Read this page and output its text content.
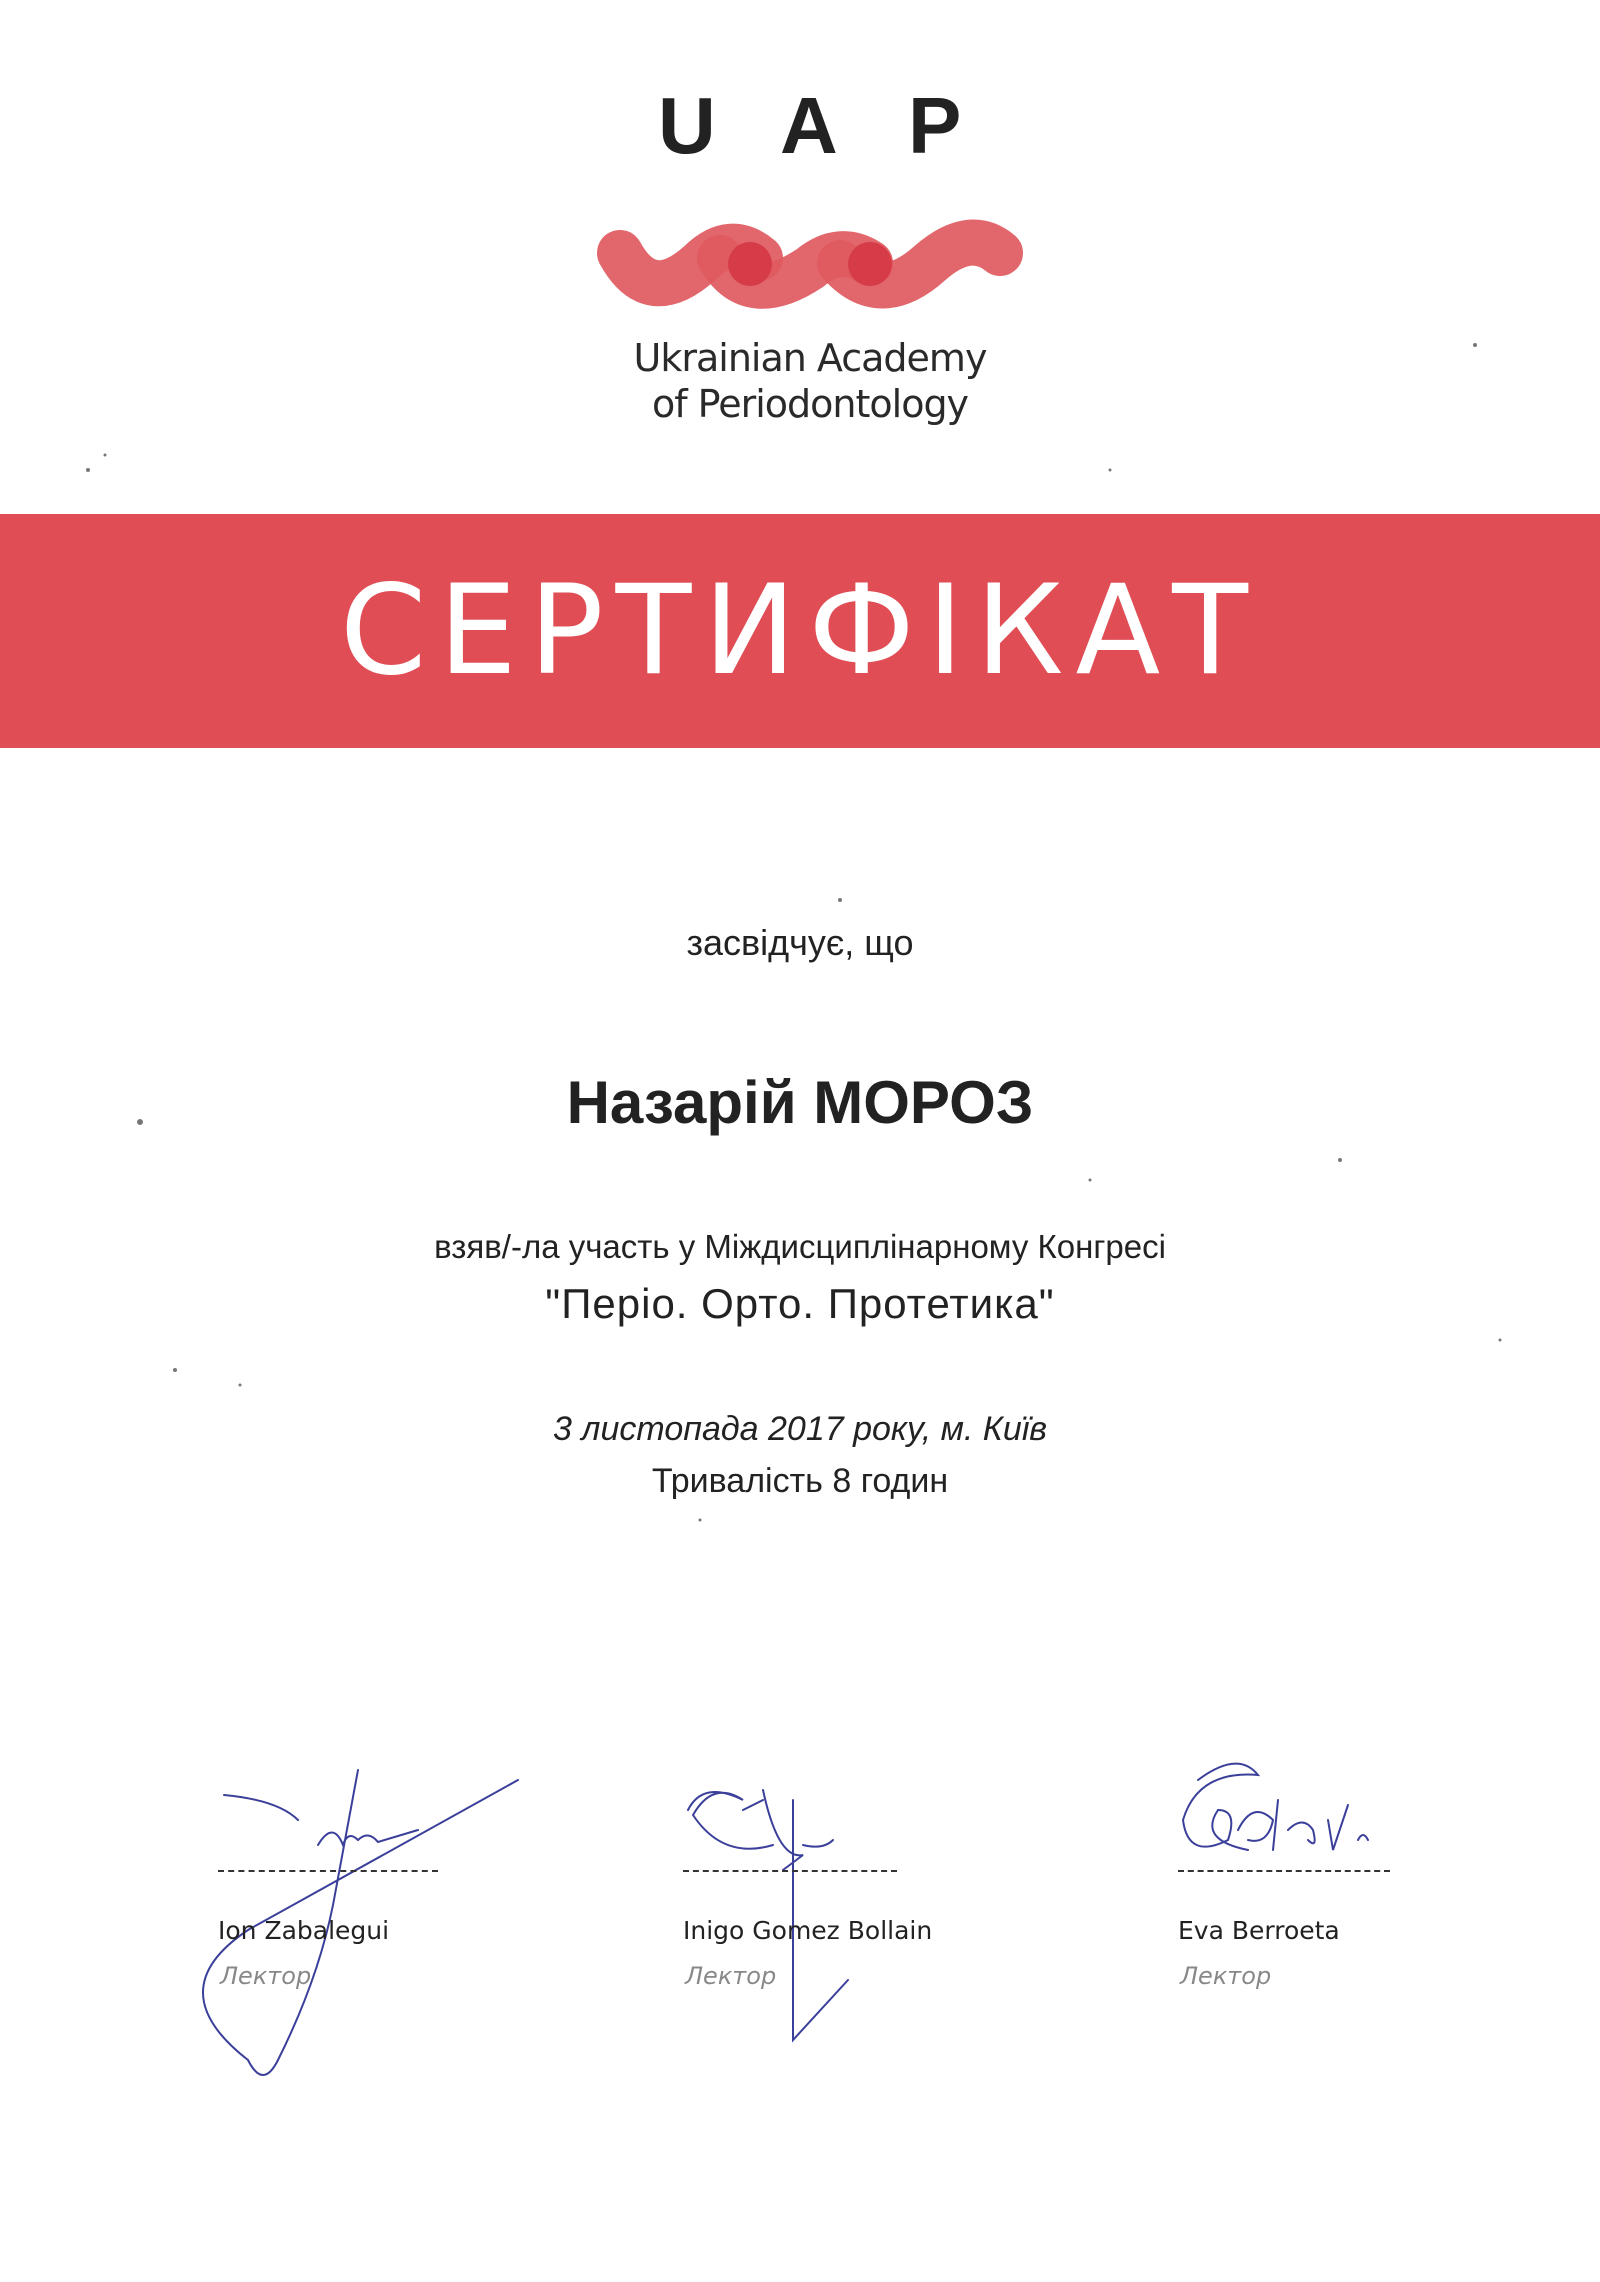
U A P
Ukrainian Academy
of Periodontology
СЕРТИФІКАТ
засвідчує, що
Назарій МОРОЗ
взяв/-ла участь у Міждисциплінарному Конгресі
"Періо. Орто. Протетика"
3 листопада 2017 року, м. Київ
Тривалість 8 годин
Ion Zabalegui
Лектор
Inigo Gomez Bollain
Лектор
Eva Berroeta
Лектор
